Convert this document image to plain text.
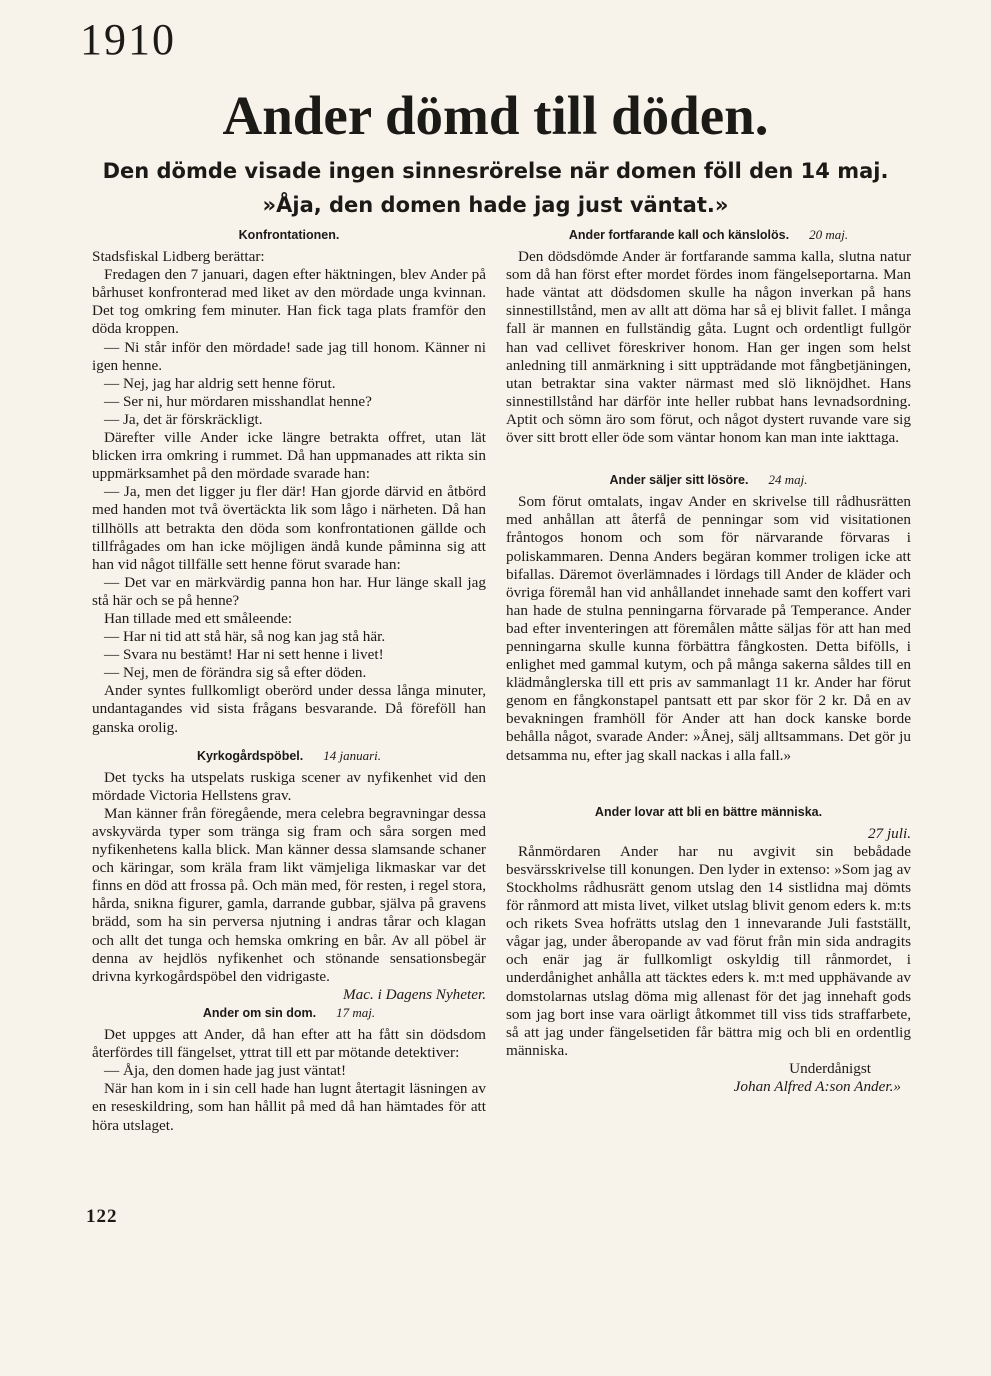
1910
Ander dömd till döden.
Den dömde visade ingen sinnesrörelse när domen föll den 14 maj.
»Åja, den domen hade jag just väntat.»
Konfrontationen.

Stadsfiskal Lidberg berättar:

Fredagen den 7 januari, dagen efter häktningen, blev Ander på bårhuset konfronterad med liket av den mördade unga kvinnan. Det tog omkring fem minuter. Han fick taga plats framför den döda kroppen.

— Ni står inför den mördade! sade jag till honom. Känner ni igen henne.

— Nej, jag har aldrig sett henne förut.

— Ser ni, hur mördaren misshandlat henne?

— Ja, det är förskräckligt.

Därefter ville Ander icke längre betrakta offret, utan lät blicken irra omkring i rummet. Då han uppmanades att rikta sin uppmärksamhet på den mördade svarade han:

— Ja, men det ligger ju fler där! Han gjorde därvid en åtbörd med handen mot två övertäckta lik som lågo i närheten. Då han tillhölls att betrakta den döda som konfrontationen gällde och tillfrågades om han icke möjligen ändå kunde påminna sig att han vid något tillfälle sett henne förut svarade han:

— Det var en märkvärdig panna hon har. Hur länge skall jag stå här och se på henne?

Han tillade med ett småleende:

— Har ni tid att stå här, så nog kan jag stå här.

— Svara nu bestämt! Har ni sett henne i livet!

— Nej, men de förändra sig så efter döden.

Ander syntes fullkomligt oberörd under dessa långa minuter, undantagandes vid sista frågans besvarande. Då föreföll han ganska orolig.

Kyrkogårdspöbel. 14 januari.

Det tycks ha utspelats ruskiga scener av nyfikenhet vid den mördade Victoria Hellstens grav.

Man känner från föregående, mera celebra begravningar dessa avskyvärda typer som tränga sig fram och såra sorgen med nyfikenhetens kalla blick. Man känner dessa slamsande schaner och käringar, som kräla fram likt vämjeliga likmaskar var det finns en död att frossa på. Och män med, för resten, i regel stora, hårda, snikna figurer, gamla, darrande gubbar, själva på gravens brädd, som ha sin perversa njutning i andras tårar och klagan och allt det tunga och hemska omkring en bår. Av all pöbel är denna av hejdlös nyfikenhet och stönande sensationsbegär drivna kyrkogårdspöbel den vidrigaste.

Mac. i Dagens Nyheter.

Ander om sin dom. 17 maj.

Det uppges att Ander, då han efter att ha fått sin dödsdom återfördes till fängelset, yttrat till ett par mötande detektiver:

— Åja, den domen hade jag just väntat!

När han kom in i sin cell hade han lugnt återtagit läsningen av en reseskildring, som han hållit på med då han hämtades för att höra utslaget.

Ander fortfarande kall och känslolös. 20 maj.

Den dödsdömde Ander är fortfarande samma kalla, slutna natur som då han först efter mordet fördes inom fängelseportarna. Man hade väntat att dödsdomen skulle ha någon inverkan på hans sinnestillstånd, men av allt att döma har så ej blivit fallet. I många fall är mannen en fullständig gåta. Lugnt och ordentligt fullgör han vad cellivet föreskriver honom. Han ger ingen som helst anledning till anmärkning i sitt uppträdande mot fångbetjäningen, utan betraktar sina vakter närmast med slö liknöjdhet. Hans sinnestillstånd har därför inte heller rubbat hans levnadsordning. Aptit och sömn äro som förut, och något dystert ruvande vare sig över sitt brott eller öde som väntar honom kan man inte iakttaga.

Ander säljer sitt lösöre. 24 maj.

Som förut omtalats, ingav Ander en skrivelse till rådhusrätten med anhållan att återfå de penningar som vid visitationen fråntogos honom och som för närvarande förvaras i poliskammaren. Denna Anders begäran kommer troligen icke att bifallas. Däremot överlämnades i lördags till Ander de kläder och övriga föremål han vid anhållandet innehade samt den koffert vari han hade de stulna penningarna förvarade på Temperance. Ander bad efter inventeringen att föremålen måtte säljas för att han med penningarna skulle kunna förbättra fångkosten. Detta bifölls, i enlighet med gammal kutym, och på många sakerna såldes till en klädmånglerska till ett pris av sammanlagt 11 kr. Ander har förut genom en fångkonstapel pantsatt ett par skor för 2 kr. Då en av bevakningen framhöll för Ander att han dock kanske borde behålla något, svarade Ander: »Ånej, sälj alltsammans. Det gör ju detsamma nu, efter jag skall nackas i alla fall.»

Ander lovar att bli en bättre människa.

27 juli.

Rånmördaren Ander har nu avgivit sin bebådade besvärsskrivelse till konungen. Den lyder in extenso: »Som jag av Stockholms rådhusrätt genom utslag den 14 sistlidna maj dömts för rånmord att mista livet, vilket utslag blivit genom eders k. m:ts och rikets Svea hofrätts utslag den 1 innevarande Juli fastställt, vågar jag, under åberopande av vad förut från min sida andragits och enär jag är fullkomligt oskyldig till rånmordet, i underdånighet anhålla att täcktes eders k. m:t med upphävande av domstolarnas utslag döma mig allenast för det jag innehaft gods som jag bort inse vara oärligt åtkommet till viss tids straffarbete, så att jag under fängelsetiden får bättra mig och bli en ordentlig människa.

Underdånigst

Johan Alfred A:son Ander.»

122
